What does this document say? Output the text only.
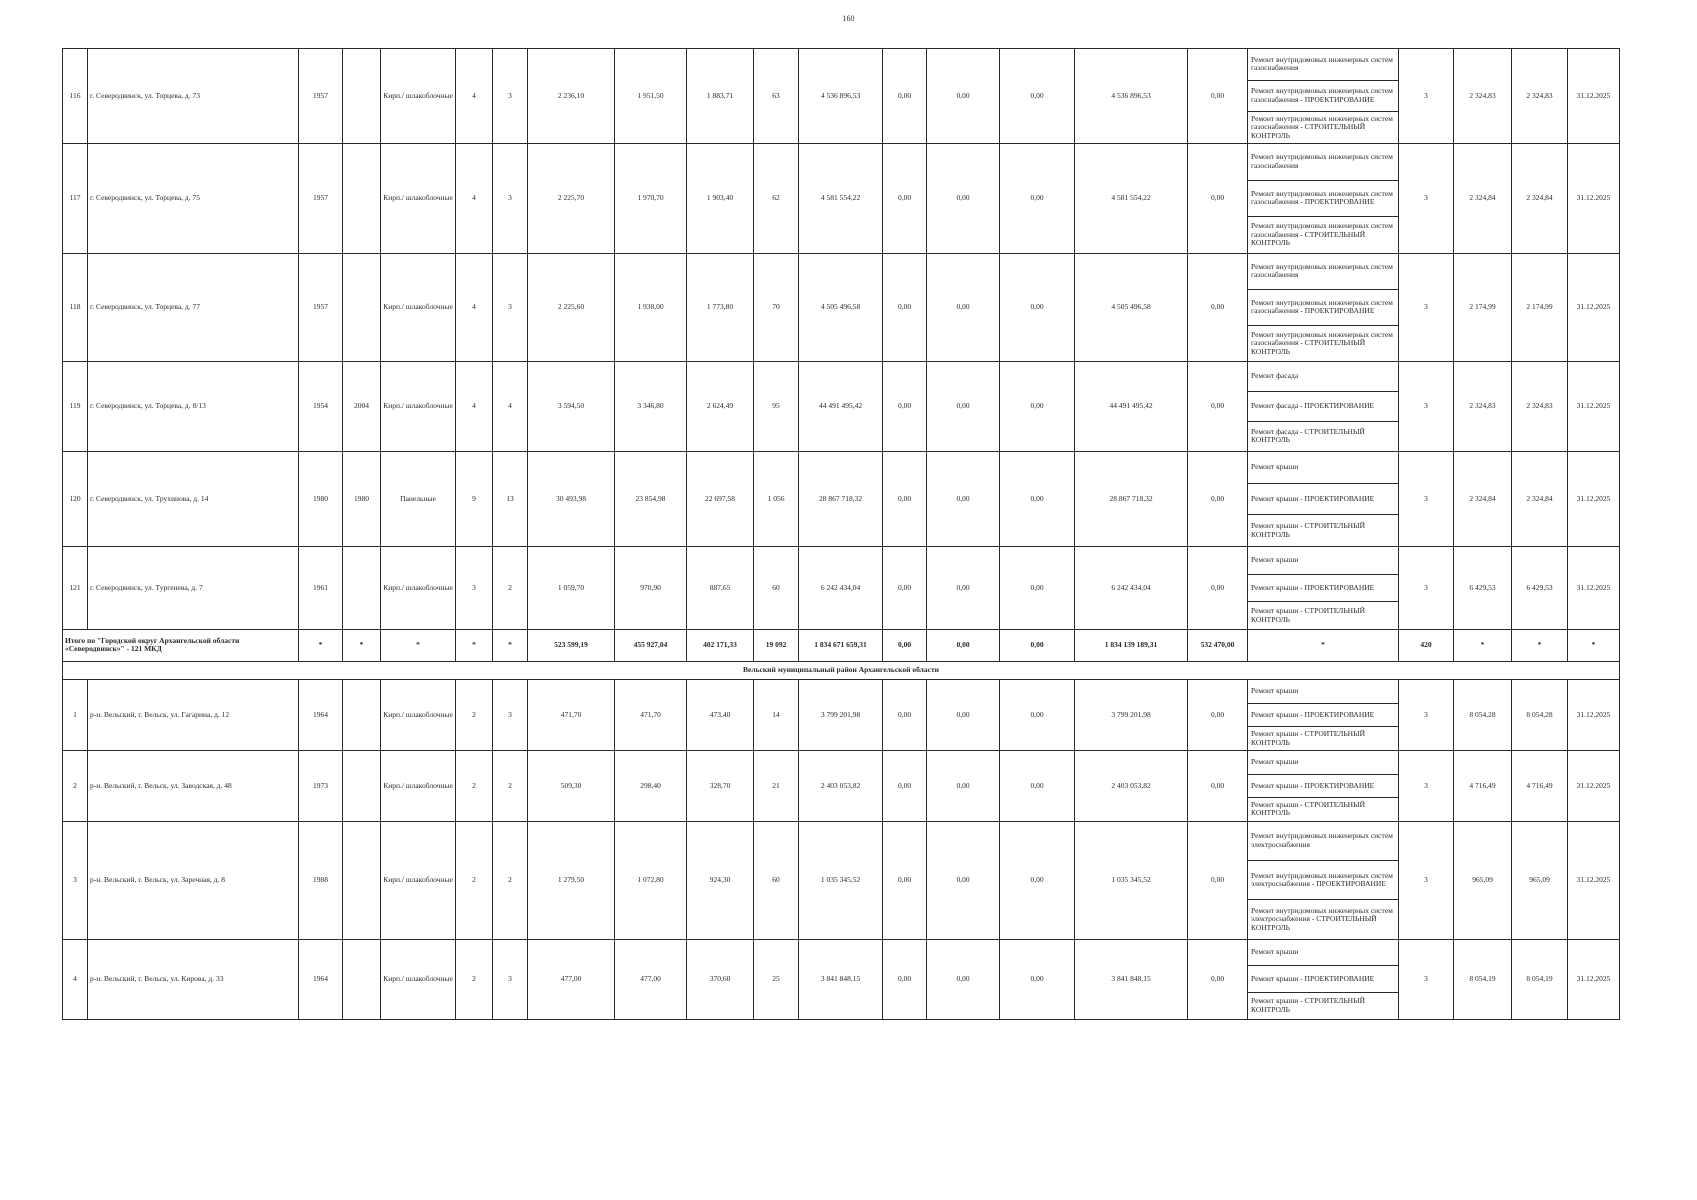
160
116	г. Северодвинск, ул. Торцева, д. 73	1957		Кирп./ шлакоблочные	4	3	2 236,10	1 951,50	1 883,71	63	4 536 896,53	0,00	0,00	0,00	4 536 896,53	0,00	Ремонт внутридомовых инженерных систем газоснабжения	3	2 324,83	2 324,83	31.12.2025
																	Ремонт внутридомовых инженерных систем газоснабжения - ПРОЕКТИРОВАНИЕ				
																	Ремонт внутридомовых инженерных систем газоснабжения - СТРОИТЕЛЬНЫЙ КОНТРОЛЬ				
117	г. Северодвинск, ул. Торцева, д. 75	1957		Кирп./ шлакоблочные	4	3	2 225,70	1 970,70	1 903,40	62	4 581 554,22	0,00	0,00	0,00	4 581 554,22	0,00	Ремонт внутридомовых инженерных систем газоснабжения	3	2 324,84	2 324,84	31.12.2025
																	Ремонт внутридомовых инженерных систем газоснабжения - ПРОЕКТИРОВАНИЕ				
																	Ремонт внутридомовых инженерных систем газоснабжения - СТРОИТЕЛЬНЫЙ КОНТРОЛЬ				
118	г. Северодвинск, ул. Торцева, д. 77	1957		Кирп./ шлакоблочные	4	3	2 225,60	1 938,00	1 773,80	70	4 505 496,58	0,00	0,00	0,00	4 505 496,58	0,00	Ремонт внутридомовых инженерных систем газоснабжения	3	2 174,99	2 174,99	31.12.2025
																	Ремонт внутридомовых инженерных систем газоснабжения - ПРОЕКТИРОВАНИЕ				
																	Ремонт внутридомовых инженерных систем газоснабжения - СТРОИТЕЛЬНЫЙ КОНТРОЛЬ				
119	г. Северодвинск, ул. Торцева, д. 8/13	1954	2004	Кирп./ шлакоблочные	4	4	3 594,50	3 346,80	2 624,49	95	44 491 495,42	0,00	0,00	0,00	44 491 495,42	0,00	Ремонт фасада	3	2 324,83	2 324,83	31.12.2025
																	Ремонт фасада - ПРОЕКТИРОВАНИЕ				
																	Ремонт фасада - СТРОИТЕЛЬНЫЙ КОНТРОЛЬ				
120	г. Северодвинск, ул. Трухинова, д. 14	1980	1980	Панельные	9	13	30 493,98	23 854,98	22 697,58	1 056	28 867 718,32	0,00	0,00	0,00	28 867 718,32	0,00	Ремонт крыши	3	2 324,84	2 324,84	31.12.2025
																	Ремонт крыши - ПРОЕКТИРОВАНИЕ				
																	Ремонт крыши - СТРОИТЕЛЬНЫЙ КОНТРОЛЬ				
121	г. Северодвинск, ул. Тургенева, д. 7	1961		Кирп./ шлакоблочные	3	2	1 059,70	970,90	887,65	60	6 242 434,04	0,00	0,00	0,00	6 242 434,04	0,00	Ремонт крыши	3	6 429,53	6 429,53	31.12.2025
																	Ремонт крыши - ПРОЕКТИРОВАНИЕ				
																	Ремонт крыши - СТРОИТЕЛЬНЫЙ КОНТРОЛЬ				
Итого по "Городской округ Архангельской области «Северодвинск»" - 121 МКД		*	*	*	*	*	523 599,19	455 927,04	402 171,33	19 092	1 834 671 659,31	0,00	0,00	0,00	1 834 139 189,31	532 470,00	*	420	*	*	*
Вельский муниципальный район Архангельской области																					
1	р-н. Вельский, г. Вельск, ул. Гагарина, д. 12	1964		Кирп./ шлакоблочные	2	3	471,70	471,70	473,40	14	3 799 201,98	0,00	0,00	0,00	3 799 201,98	0,00	Ремонт крыши	3	8 054,28	8 054,28	31.12.2025
																	Ремонт крыши - ПРОЕКТИРОВАНИЕ				
																	Ремонт крыши - СТРОИТЕЛЬНЫЙ КОНТРОЛЬ				
2	р-н. Вельский, г. Вельск, ул. Заводская, д. 48	1973		Кирп./ шлакоблочные	2	2	509,30	298,40	328,70	21	2 403 053,82	0,00	0,00	0,00	2 403 053,82	0,00	Ремонт крыши	3	4 716,49	4 716,49	31.12.2025
																	Ремонт крыши - ПРОЕКТИРОВАНИЕ				
																	Ремонт крыши - СТРОИТЕЛЬНЫЙ КОНТРОЛЬ				
3	р-н. Вельский, г. Вельск, ул. Заречная, д. 8	1988		Кирп./ шлакоблочные	2	2	1 279,50	1 072,80	924,30	60	1 035 345,52	0,00	0,00	0,00	1 035 345,52	0,00	Ремонт внутридомовых инженерных систем электроснабжения	3	965,09	965,09	31.12.2025
																	Ремонт внутридомовых инженерных систем электроснабжения - ПРОЕКТИРОВАНИЕ				
																	Ремонт внутридомовых инженерных систем электроснабжения - СТРОИТЕЛЬНЫЙ КОНТРОЛЬ				
4	р-н. Вельский, г. Вельск, ул. Кирова, д. 33	1964		Кирп./ шлакоблочные	2	3	477,00	477,00	370,60	25	3 841 848,15	0,00	0,00	0,00	3 841 848,15	0,00	Ремонт крыши	3	8 054,19	8 054,19	31.12.2025
																	Ремонт крыши - ПРОЕКТИРОВАНИЕ				
																	Ремонт крыши - СТРОИТЕЛЬНЫЙ КОНТРОЛЬ				
